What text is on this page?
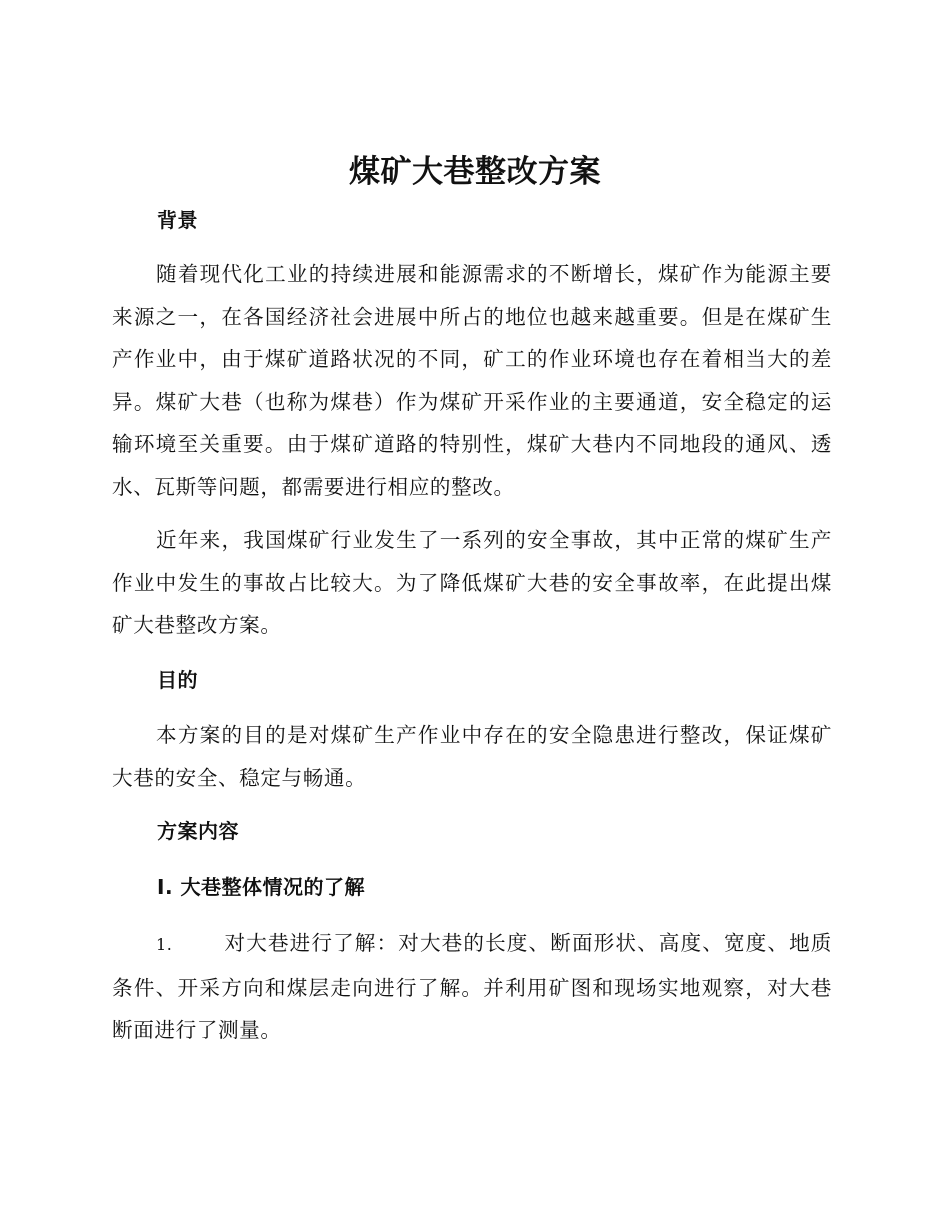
煤矿大巷整改方案
背景
随着现代化工业的持续进展和能源需求的不断增长，煤矿作为能源主要来源之一，在各国经济社会进展中所占的地位也越来越重要。但是在煤矿生产作业中，由于煤矿道路状况的不同，矿工的作业环境也存在着相当大的差异。煤矿大巷（也称为煤巷）作为煤矿开采作业的主要通道，安全稳定的运输环境至关重要。由于煤矿道路的特别性，煤矿大巷内不同地段的通风、透水、瓦斯等问题，都需要进行相应的整改。
近年来，我国煤矿行业发生了一系列的安全事故，其中正常的煤矿生产作业中发生的事故占比较大。为了降低煤矿大巷的安全事故率，在此提出煤矿大巷整改方案。
目的
本方案的目的是对煤矿生产作业中存在的安全隐患进行整改，保证煤矿大巷的安全、稳定与畅通。
方案内容
I. 大巷整体情况的了解
1.	对大巷进行了解：对大巷的长度、断面形状、高度、宽度、地质条件、开采方向和煤层走向进行了解。并利用矿图和现场实地观察，对大巷断面进行了测量。
